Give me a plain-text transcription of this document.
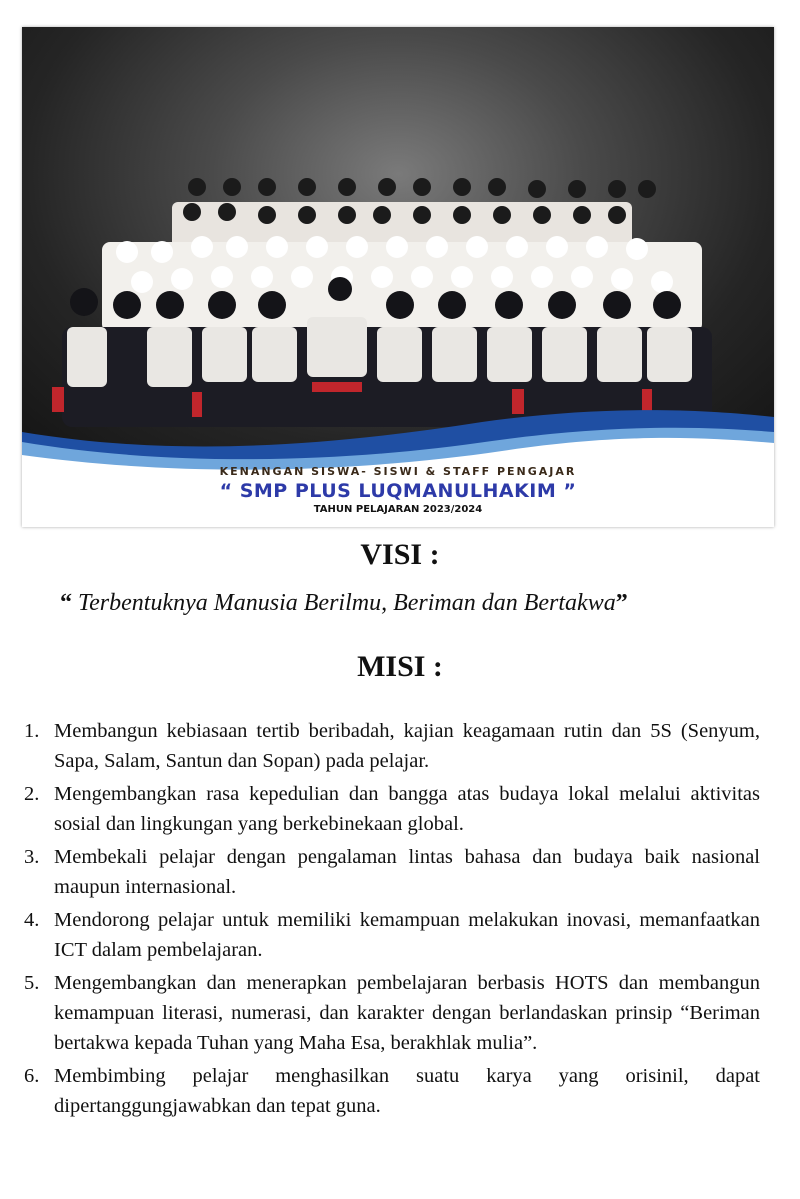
KENANGAN SISWA- SISWI & STAFF PENGAJAR
“ SMP PLUS LUQMANULHAKIM ”
TAHUN PELAJARAN 2023/2024
VISI :
“ Terbentuknya Manusia Berilmu, Beriman dan Bertakwa”
MISI :
1. Membangun kebiasaan tertib beribadah, kajian keagamaan rutin dan 5S (Senyum, Sapa, Salam, Santun dan Sopan) pada pelajar.
2. Mengembangkan rasa kepedulian dan bangga atas budaya lokal melalui aktivitas sosial dan lingkungan yang berkebinekaan global.
3. Membekali pelajar dengan pengalaman lintas bahasa dan budaya baik nasional maupun internasional.
4. Mendorong pelajar untuk memiliki kemampuan melakukan inovasi, memanfaatkan ICT dalam pembelajaran.
5. Mengembangkan dan menerapkan pembelajaran berbasis HOTS dan membangun kemampuan literasi, numerasi, dan karakter dengan berlandaskan prinsip “Beriman bertakwa kepada Tuhan yang Maha Esa, berakhlak mulia”.
6. Membimbing pelajar menghasilkan suatu karya yang orisinil, dapat dipertanggungjawabkan dan tepat guna.
